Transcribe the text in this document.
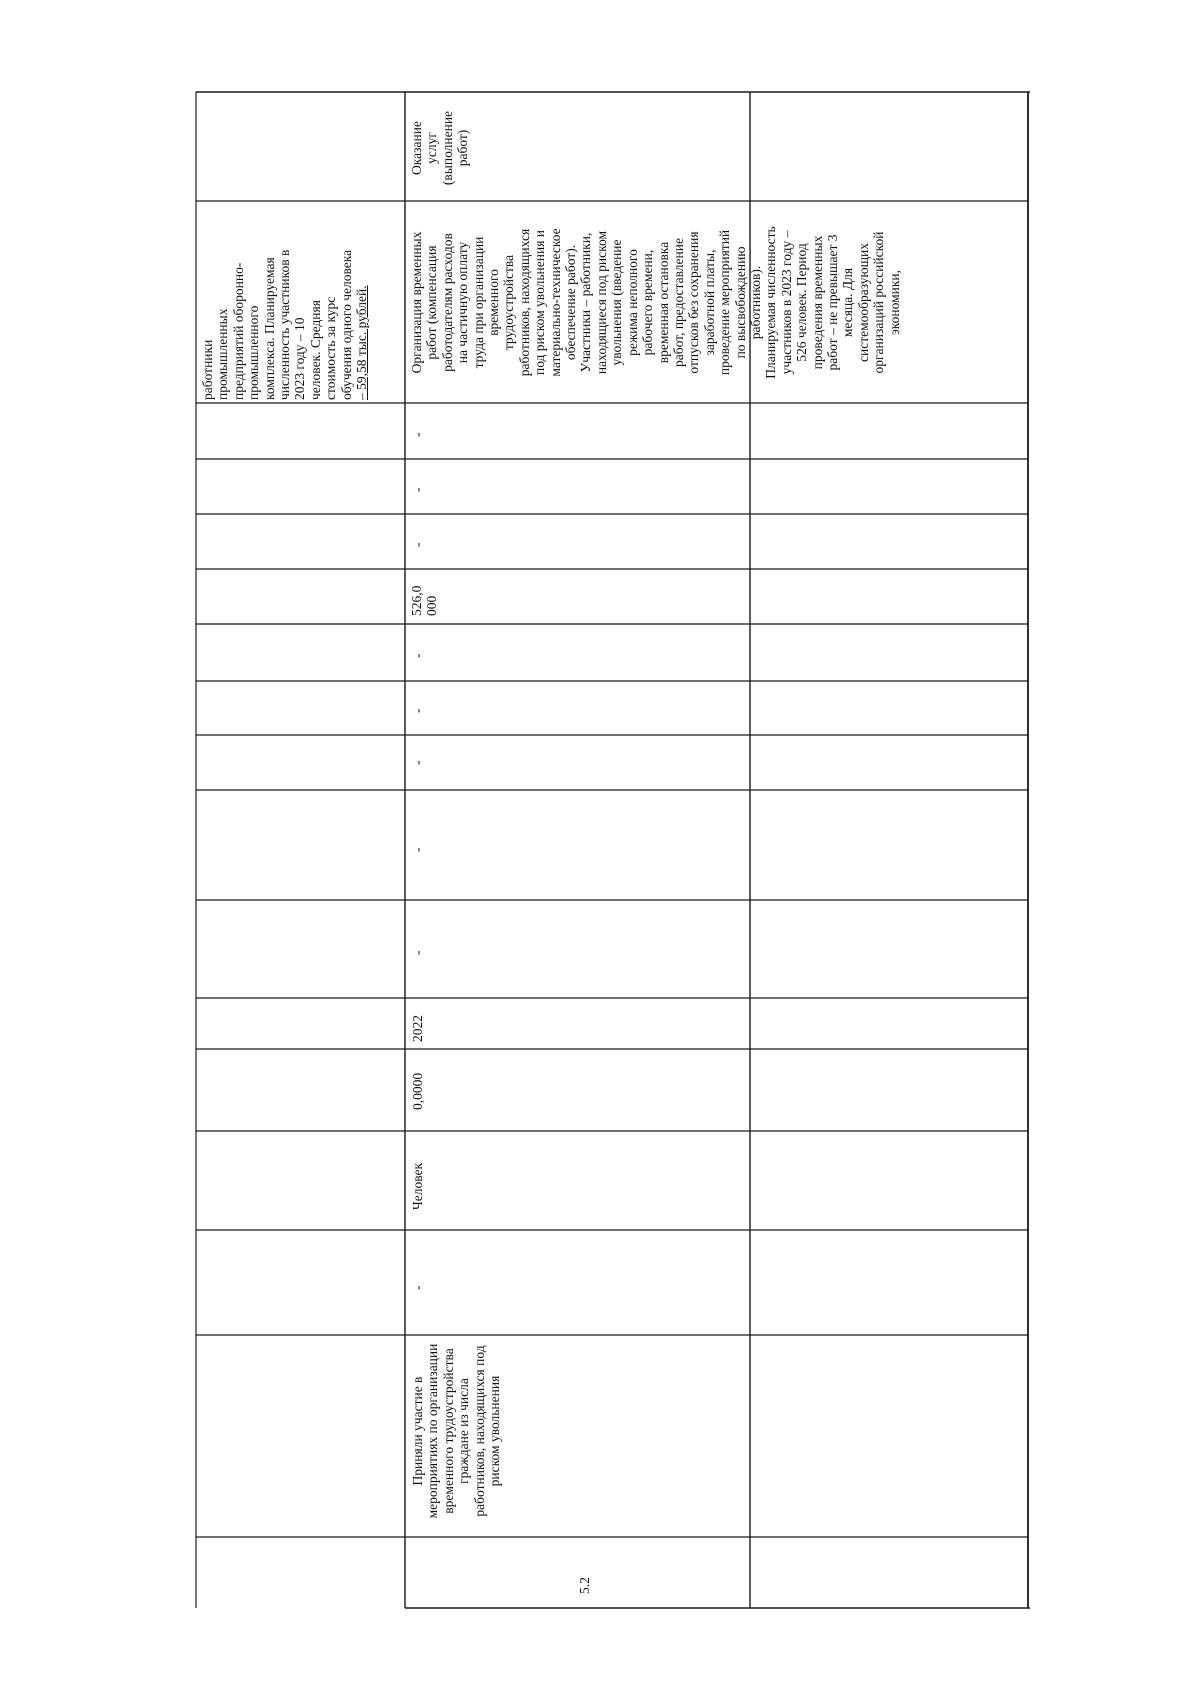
работники промышленных предприятий оборонно- промышленного комплекса. Планируемая численность участников в 2023 году – 10 человек. Средняя стоимость за курс обучения одного человека – 59,58 тыс. рублей.
5.2
Приняли участие в мероприятиях по организации временного трудоустройства граждане из числа работников, находящихся под риском увольнения
-
Человек
0,0000
2022
-
-
-
-
-
526,0 000
-
-
-
Организация временных работ (компенсация работодателям расходов на частичную оплату труда при организации временного трудоустройства работников, находящихся под риском увольнения и материально-техническое обеспечение работ). Участники – работники, находящиеся под риском увольнения (введение режима неполного рабочего времени, временная остановка работ, предоставление отпусков без сохранения заработной платы, проведение мероприятий по высвобождению работников). Планируемая численность участников в 2023 году – 526 человек. Период проведения временных работ – не превышает 3 месяца. Для системообразующих организаций российской экономики,
Оказание услуг (выполнение работ)
